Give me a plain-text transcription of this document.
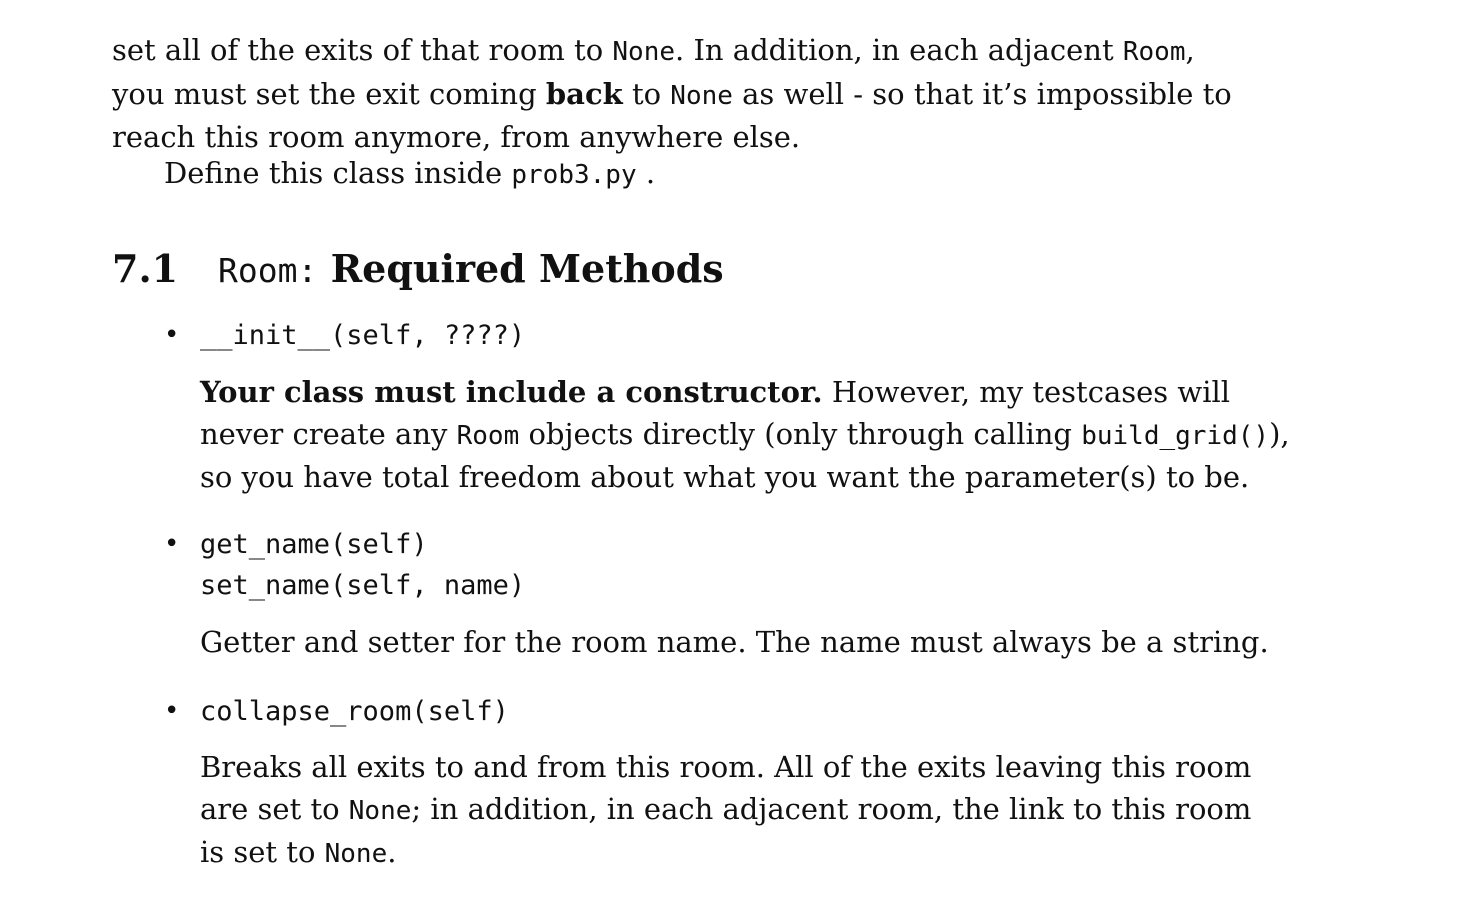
set all of the exits of that room to None. In addition, in each adjacent Room,
you must set the exit coming back to None as well - so that it’s impossible to
reach this room anymore, from anywhere else.
Define this class inside prob3.py .
7.1 Room: Required Methods
• __init__(self, ????)
Your class must include a constructor. However, my testcases will
never create any Room objects directly (only through calling build_grid()),
so you have total freedom about what you want the parameter(s) to be.
• get_name(self)
set_name(self, name)
Getter and setter for the room name. The name must always be a string.
• collapse_room(self)
Breaks all exits to and from this room. All of the exits leaving this room
are set to None; in addition, in each adjacent room, the link to this room
is set to None.
